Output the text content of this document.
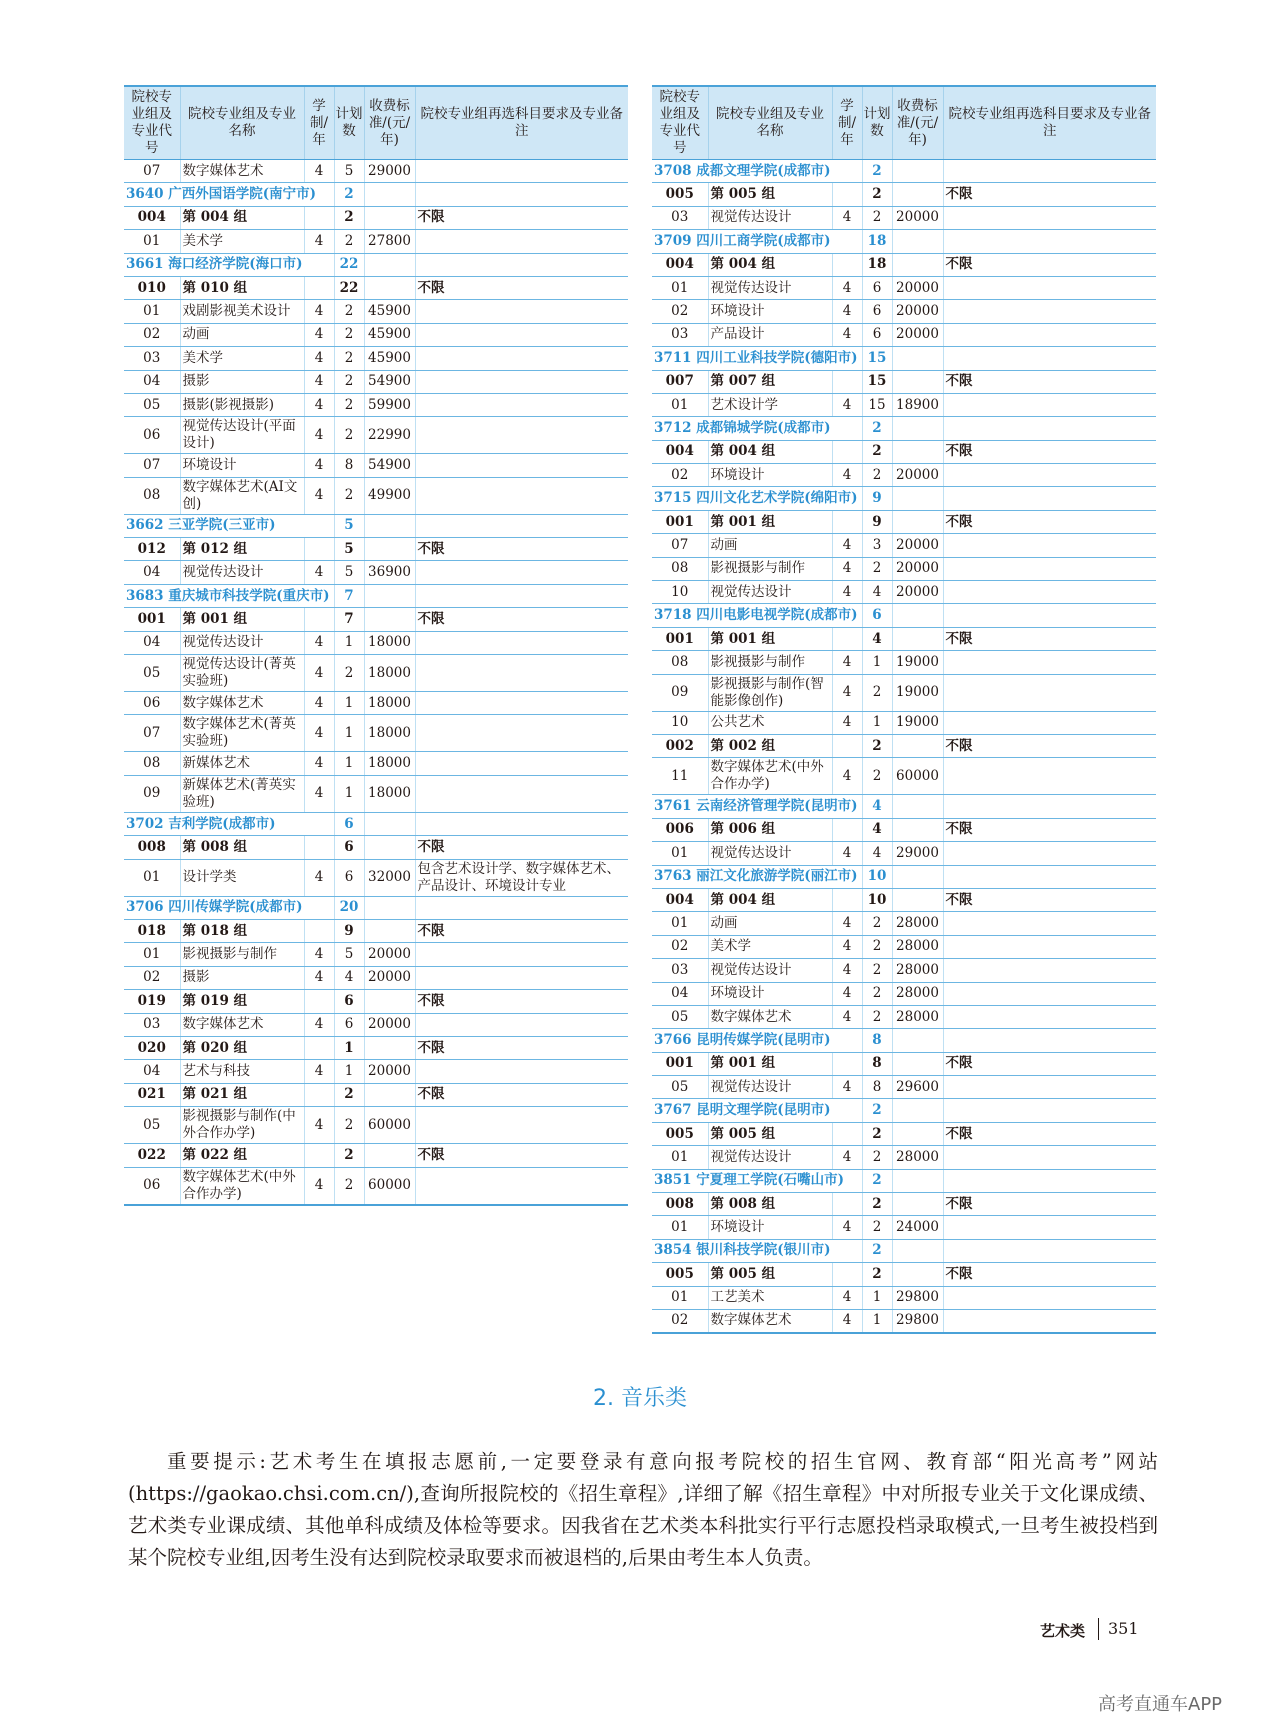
院校专业组及专业代号	院校专业组及专业名称	学制/年	计划数	收费标准/(元/年)	院校专业组再选科目要求及专业备注
07	数字媒体艺术	4	5	29000	
3640 广西外国语学院(南宁市)			2		
004	第 004 组		2		不限
01	美术学	4	2	27800	
3661 海口经济学院(海口市)			22		
010	第 010 组		22		不限
01	戏剧影视美术设计	4	2	45900	
02	动画	4	2	45900	
03	美术学	4	2	45900	
04	摄影	4	2	54900	
05	摄影(影视摄影)	4	2	59900	
06	视觉传达设计(平面设计)	4	2	22990	
07	环境设计	4	8	54900	
08	数字媒体艺术(AI文创)	4	2	49900	
3662 三亚学院(三亚市)			5		
012	第 012 组		5		不限
04	视觉传达设计	4	5	36900	
3683 重庆城市科技学院(重庆市)			7		
001	第 001 组		7		不限
04	视觉传达设计	4	1	18000	
05	视觉传达设计(菁英实验班)	4	2	18000	
06	数字媒体艺术	4	1	18000	
07	数字媒体艺术(菁英实验班)	4	1	18000	
08	新媒体艺术	4	1	18000	
09	新媒体艺术(菁英实验班)	4	1	18000	
3702 吉利学院(成都市)			6		
008	第 008 组		6		不限
01	设计学类	4	6	32000	包含艺术设计学、数字媒体艺术、产品设计、环境设计专业
3706 四川传媒学院(成都市)			20		
018	第 018 组		9		不限
01	影视摄影与制作	4	5	20000	
02	摄影	4	4	20000	
019	第 019 组		6		不限
03	数字媒体艺术	4	6	20000	
020	第 020 组		1		不限
04	艺术与科技	4	1	20000	
021	第 021 组		2		不限
05	影视摄影与制作(中外合作办学)	4	2	60000	
022	第 022 组		2		不限
06	数字媒体艺术(中外合作办学)	4	2	60000	
院校专业组及专业代号	院校专业组及专业名称	学制/年	计划数	收费标准/(元/年)	院校专业组再选科目要求及专业备注
3708 成都文理学院(成都市)			2		
005	第 005 组		2		不限
03	视觉传达设计	4	2	20000	
3709 四川工商学院(成都市)			18		
004	第 004 组		18		不限
01	视觉传达设计	4	6	20000	
02	环境设计	4	6	20000	
03	产品设计	4	6	20000	
3711 四川工业科技学院(德阳市)			15		
007	第 007 组		15		不限
01	艺术设计学	4	15	18900	
3712 成都锦城学院(成都市)			2		
004	第 004 组		2		不限
02	环境设计	4	2	20000	
3715 四川文化艺术学院(绵阳市)			9		
001	第 001 组		9		不限
07	动画	4	3	20000	
08	影视摄影与制作	4	2	20000	
10	视觉传达设计	4	4	20000	
3718 四川电影电视学院(成都市)			6		
001	第 001 组		4		不限
08	影视摄影与制作	4	1	19000	
09	影视摄影与制作(智能影像创作)	4	2	19000	
10	公共艺术	4	1	19000	
002	第 002 组		2		不限
11	数字媒体艺术(中外合作办学)	4	2	60000	
3761 云南经济管理学院(昆明市)			4		
006	第 006 组		4		不限
01	视觉传达设计	4	4	29000	
3763 丽江文化旅游学院(丽江市)			10		
004	第 004 组		10		不限
01	动画	4	2	28000	
02	美术学	4	2	28000	
03	视觉传达设计	4	2	28000	
04	环境设计	4	2	28000	
05	数字媒体艺术	4	2	28000	
3766 昆明传媒学院(昆明市)			8		
001	第 001 组		8		不限
05	视觉传达设计	4	8	29600	
3767 昆明文理学院(昆明市)			2		
005	第 005 组		2		不限
01	视觉传达设计	4	2	28000	
3851 宁夏理工学院(石嘴山市)			2		
008	第 008 组		2		不限
01	环境设计	4	2	24000	
3854 银川科技学院(银川市)			2		
005	第 005 组		2		不限
01	工艺美术	4	1	29800	
02	数字媒体艺术	4	1	29800	
2. 音乐类

重要提示:艺术考生在填报志愿前,一定要登录有意向报考院校的招生官网、教育部“阳光高考”网站(https://gaokao.chsi.com.cn/),查询所报院校的《招生章程》,详细了解《招生章程》中对所报专业关于文化课成绩、艺术类专业课成绩、其他单科成绩及体检等要求。因我省在艺术类本科批实行平行志愿投档录取模式,一旦考生被投档到某个院校专业组,因考生没有达到院校录取要求而被退档的,后果由考生本人负责。

艺术类 351
高考直通车APP
